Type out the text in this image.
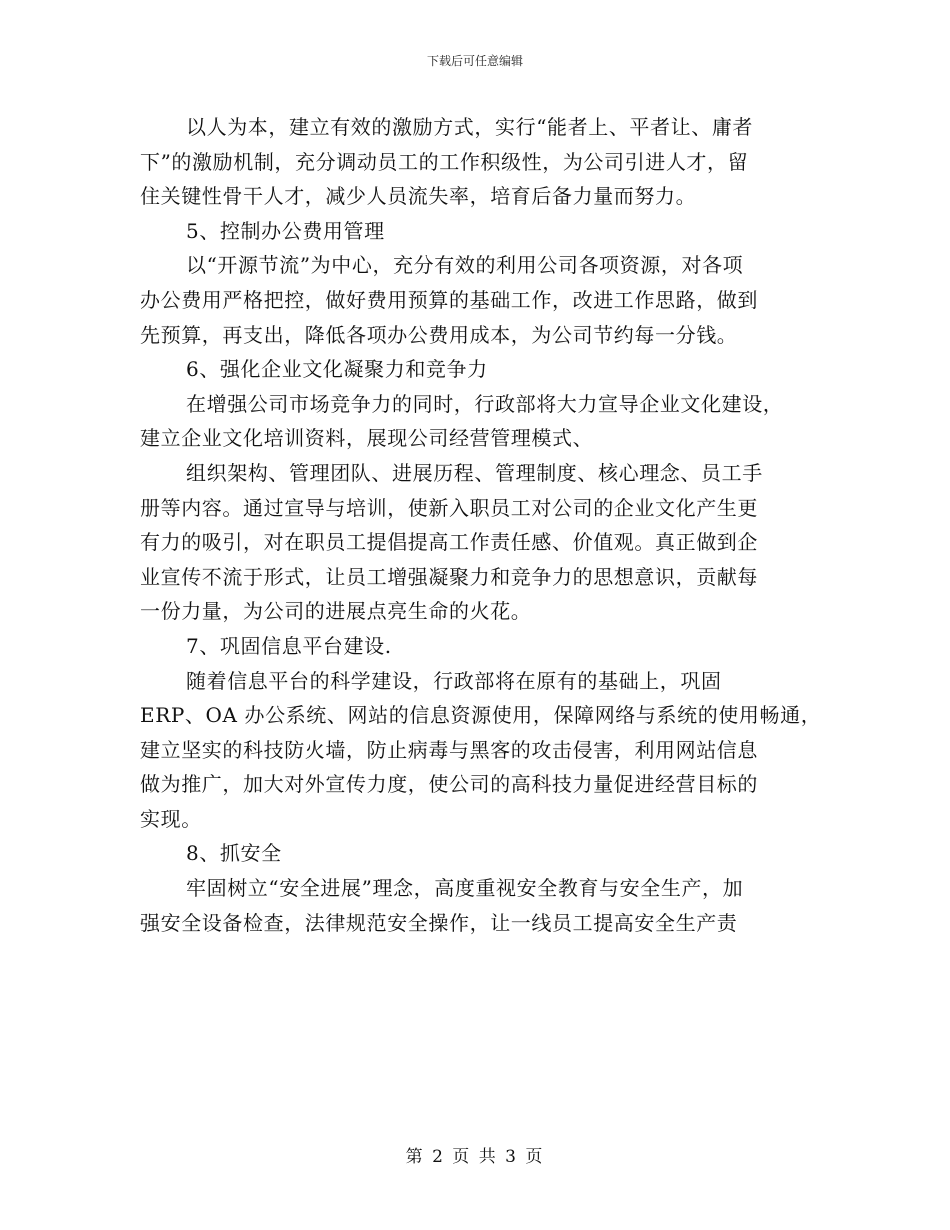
下载后可任意编辑
以人为本，建立有效的激励方式，实行“能者上、平者让、庸者
下”的激励机制，充分调动员工的工作积级性，为公司引进人才，留
住关键性骨干人才，减少人员流失率，培育后备力量而努力。
5、控制办公费用管理
以“开源节流”为中心，充分有效的利用公司各项资源，对各项
办公费用严格把控，做好费用预算的基础工作，改进工作思路，做到
先预算，再支出，降低各项办公费用成本，为公司节约每一分钱。
6、强化企业文化凝聚力和竞争力
在增强公司市场竞争力的同时，行政部将大力宣导企业文化建设，
建立企业文化培训资料，展现公司经营管理模式、
组织架构、管理团队、进展历程、管理制度、核心理念、员工手
册等内容。通过宣导与培训，使新入职员工对公司的企业文化产生更
有力的吸引，对在职员工提倡提高工作责任感、价值观。真正做到企
业宣传不流于形式，让员工增强凝聚力和竞争力的思想意识，贡献每
一份力量，为公司的进展点亮生命的火花。
7、巩固信息平台建设.
随着信息平台的科学建设，行政部将在原有的基础上，巩固
ERP、OA 办公系统、网站的信息资源使用，保障网络与系统的使用畅通，
建立坚实的科技防火墙，防止病毒与黑客的攻击侵害，利用网站信息
做为推广，加大对外宣传力度，使公司的高科技力量促进经营目标的
实现。
8、抓安全
牢固树立“安全进展”理念，高度重视安全教育与安全生产，加
强安全设备检查，法律规范安全操作，让一线员工提高安全生产责
第 2 页 共 3 页
